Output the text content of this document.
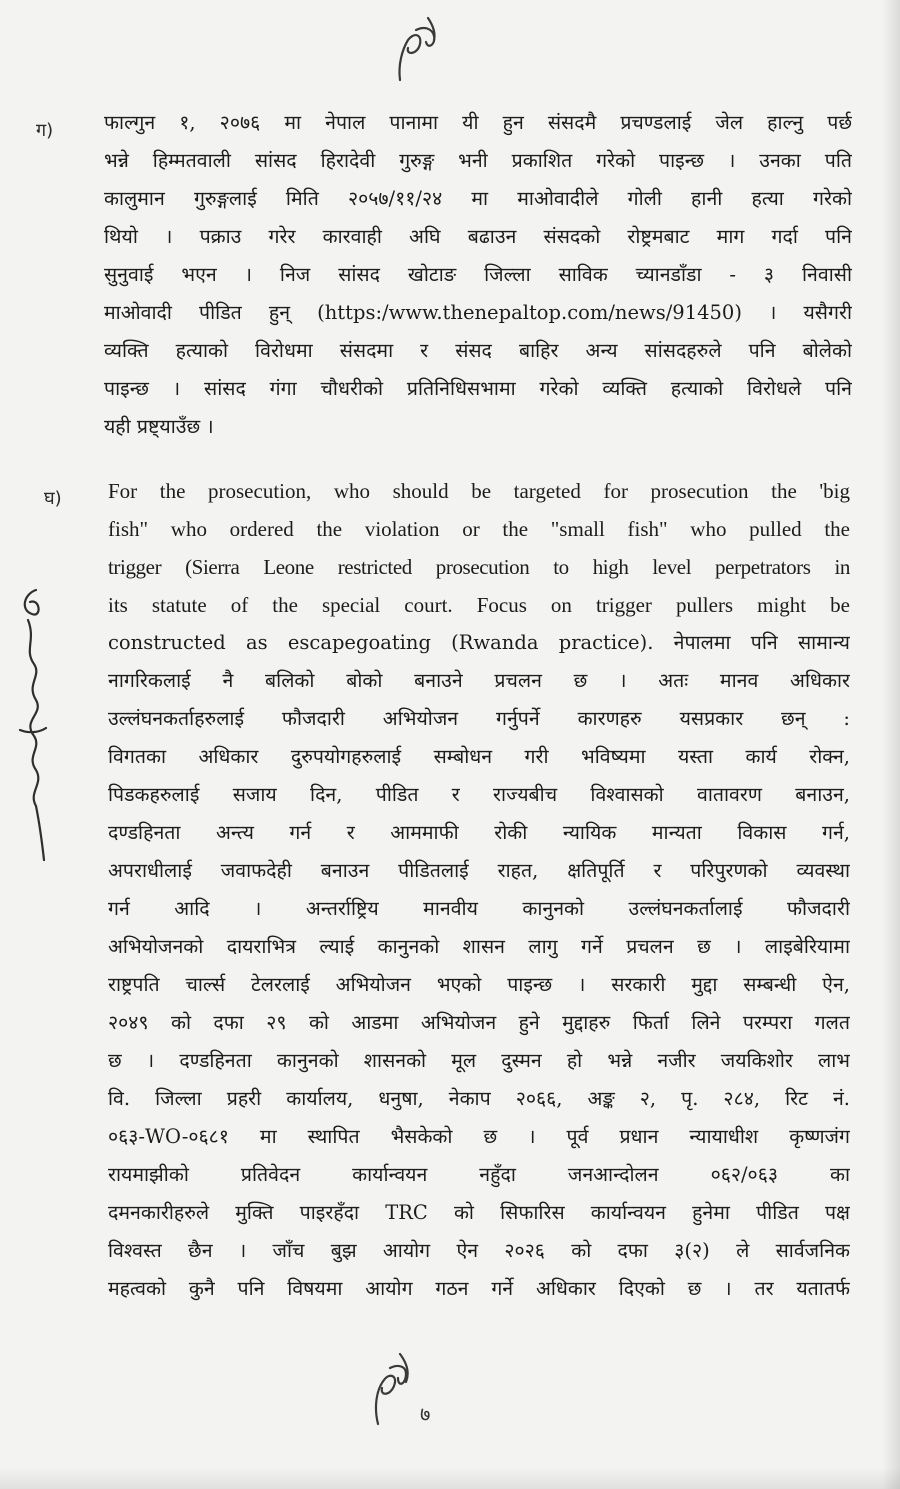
ग)	फाल्गुन १, २०७६ मा नेपाल पानामा यी हुन संसदमै प्रचण्डलाई जेल हाल्नु पर्छ

भन्ने हिम्मतवाली सांसद हिरादेवी गुरुङ्ग भनी प्रकाशित गरेको पाइन्छ । उनका पति

कालुमान गुरुङ्गलाई मिति २०५७/११/२४ मा माओवादीले गोली हानी हत्या गरेको

थियो । पक्राउ गरेर कारवाही अघि बढाउन संसदको रोष्ट्रमबाट माग गर्दा पनि

सुनुवाई भएन । निज सांसद खोटाङ जिल्ला साविक च्यानडाँडा - ३ निवासी

माओवादी पीडित हुन् (https:/www.thenepaltop.com/news/91450) । यसैगरी

व्यक्ति हत्याको विरोधमा संसदमा र संसद बाहिर अन्य सांसदहरुले पनि बोलेको

पाइन्छ । सांसद गंगा चौधरीको प्रतिनिधिसभामा गरेको व्यक्ति हत्याको विरोधले पनि

यही प्रष्ट्याउँछ ।

घ) For the prosecution, who should be targeted for prosecution the 'big

fish" who ordered the violation or the "small fish" who pulled the

trigger (Sierra Leone restricted prosecution to high level perpetrators in

its statute of the special court. Focus on trigger pullers might be

constructed as escapegoating (Rwanda practice). नेपालमा पनि सामान्य

नागरिकलाई नै बलिको बोको बनाउने प्रचलन छ । अतः मानव अधिकार

उल्लंघनकर्ताहरुलाई फौजदारी अभियोजन गर्नुपर्ने कारणहरु यसप्रकार छन् :

विगतका अधिकार दुरुपयोगहरुलाई सम्बोधन गरी भविष्यमा यस्ता कार्य रोक्न,

पिडकहरुलाई सजाय दिन, पीडित र राज्यबीच विश्वासको वातावरण बनाउन,

दण्डहिनता अन्त्य गर्न र आममाफी रोकी न्यायिक मान्यता विकास गर्न,

अपराधीलाई जवाफदेही बनाउन पीडितलाई राहत, क्षतिपूर्ति र परिपुरणको व्यवस्था

गर्न आदि । अन्तर्राष्ट्रिय मानवीय कानुनको उल्लंघनकर्तालाई फौजदारी

अभियोजनको दायराभित्र ल्याई कानुनको शासन लागु गर्ने प्रचलन छ । लाइबेरियामा

राष्ट्रपति चार्ल्स टेलरलाई अभियोजन भएको पाइन्छ । सरकारी मुद्दा सम्बन्धी ऐन,

२०४९ को दफा २९ को आडमा अभियोजन हुने मुद्दाहरु फिर्ता लिने परम्परा गलत

छ । दण्डहिनता कानुनको शासनको मूल दुस्मन हो भन्ने नजीर जयकिशोर लाभ

वि. जिल्ला प्रहरी कार्यालय, धनुषा, नेकाप २०६६, अङ्क २, पृ. २८४, रिट नं.

०६३-WO-०६८१ मा स्थापित भैसकेको छ । पूर्व प्रधान न्यायाधीश कृष्णजंग

रायमाझीको प्रतिवेदन कार्यान्वयन नहुँदा जनआन्दोलन ०६२/०६३ का

दमनकारीहरुले मुक्ति पाइरहँदा TRC को सिफारिस कार्यान्वयन हुनेमा पीडित पक्ष

विश्वस्त छैन । जाँच बुझ आयोग ऐन २०२६ को दफा ३(२) ले सार्वजनिक

महत्वको कुनै पनि विषयमा आयोग गठन गर्ने अधिकार दिएको छ । तर यतातर्फ

७
